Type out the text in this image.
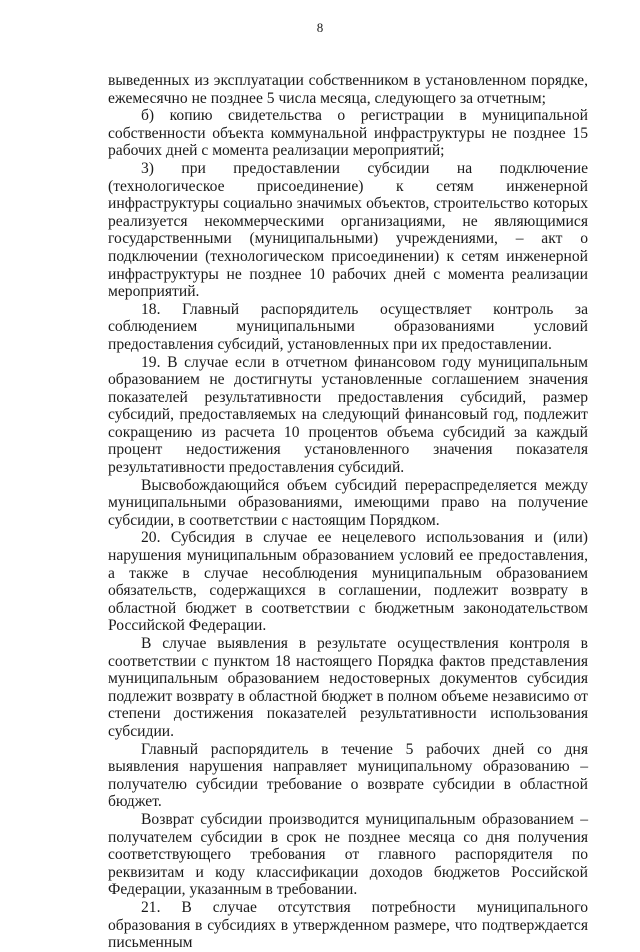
8

выведенных из эксплуатации собственником в установленном порядке, ежемесячно не позднее 5 числа месяца, следующего за отчетным;

б) копию свидетельства о регистрации в муниципальной собственности объекта коммунальной инфраструктуры не позднее 15 рабочих дней с момента реализации мероприятий;

3) при предоставлении субсидии на подключение (технологическое присоединение) к сетям инженерной инфраструктуры социально значимых объектов, строительство которых реализуется некоммерческими организациями, не являющимися государственными (муниципальными) учреждениями, – акт о подключении (технологическом присоединении) к сетям инженерной инфраструктуры не позднее 10 рабочих дней с момента реализации мероприятий.

18. Главный распорядитель осуществляет контроль за соблюдением муниципальными образованиями условий предоставления субсидий, установленных при их предоставлении.

19. В случае если в отчетном финансовом году муниципальным образованием не достигнуты установленные соглашением значения показателей результативности предоставления субсидий, размер субсидий, предоставляемых на следующий финансовый год, подлежит сокращению из расчета 10 процентов объема субсидий за каждый процент недостижения установленного значения показателя результативности предоставления субсидий.

Высвобождающийся объем субсидий перераспределяется между муниципальными образованиями, имеющими право на получение субсидии, в соответствии с настоящим Порядком.

20. Субсидия в случае ее нецелевого использования и (или) нарушения муниципальным образованием условий ее предоставления, а также в случае несоблюдения муниципальным образованием обязательств, содержащихся в соглашении, подлежит возврату в областной бюджет в соответствии с бюджетным законодательством Российской Федерации.

В случае выявления в результате осуществления контроля в соответствии с пунктом 18 настоящего Порядка фактов представления муниципальным образованием недостоверных документов субсидия подлежит возврату в областной бюджет в полном объеме независимо от степени достижения показателей результативности использования субсидии.

Главный распорядитель в течение 5 рабочих дней со дня выявления нарушения направляет муниципальному образованию – получателю субсидии требование о возврате субсидии в областной бюджет.

Возврат субсидии производится муниципальным образованием – получателем субсидии в срок не позднее месяца со дня получения соответствующего требования от главного распорядителя по реквизитам и коду классификации доходов бюджетов Российской Федерации, указанным в требовании.

21. В случае отсутствия потребности муниципального образования в субсидиях в утвержденном размере, что подтверждается письменным
